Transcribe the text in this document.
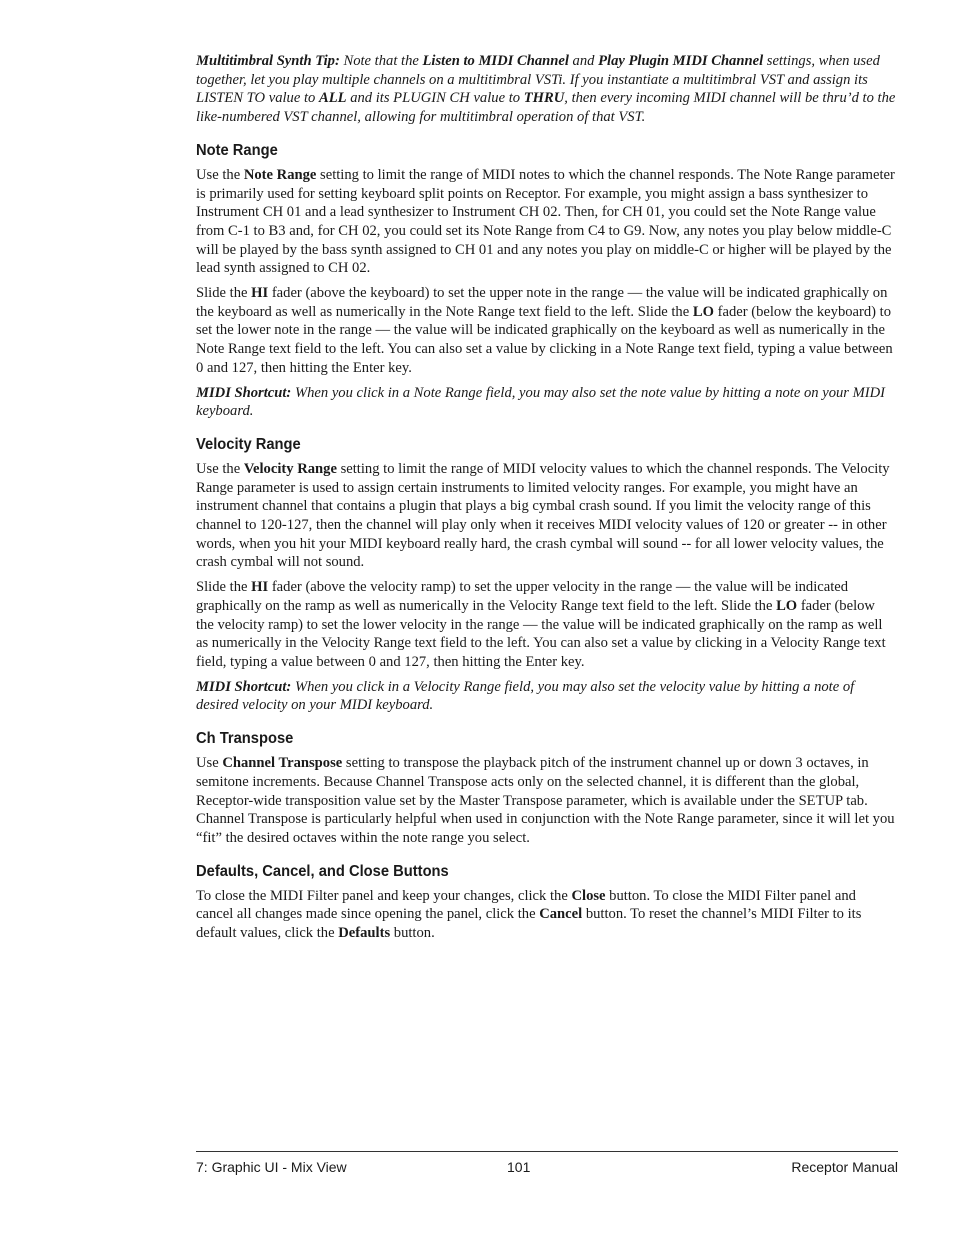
Multitimbral Synth Tip: Note that the Listen to MIDI Channel and Play Plugin MIDI Channel settings, when used together, let you play multiple channels on a multitimbral VSTi. If you instantiate a multitimbral VST and assign its LISTEN TO value to ALL and its PLUGIN CH value to THRU, then every incoming MIDI channel will be thru’d to the like-numbered VST channel, allowing for multitimbral operation of that VST.

Note Range

Use the Note Range setting to limit the range of MIDI notes to which the channel responds. The Note Range parameter is primarily used for setting keyboard split points on Receptor. For example, you might assign a bass synthesizer to Instrument CH 01 and a lead synthesizer to Instrument CH 02. Then, for CH 01, you could set the Note Range value from C-1 to B3 and, for CH 02, you could set its Note Range from C4 to G9. Now, any notes you play below middle-C will be played by the bass synth assigned to CH 01 and any notes you play on middle-C or higher will be played by the lead synth assigned to CH 02.

Slide the HI fader (above the keyboard) to set the upper note in the range — the value will be indicated graphically on the keyboard as well as numerically in the Note Range text field to the left. Slide the LO fader (below the keyboard) to set the lower note in the range — the value will be indicated graphically on the keyboard as well as numerically in the Note Range text field to the left. You can also set a value by clicking in a Note Range text field, typing a value between 0 and 127, then hitting the Enter key.

MIDI Shortcut: When you click in a Note Range field, you may also set the note value by hitting a note on your MIDI keyboard.

Velocity Range

Use the Velocity Range setting to limit the range of MIDI velocity values to which the channel responds. The Velocity Range parameter is used to assign certain instruments to limited velocity ranges. For example, you might have an instrument channel that contains a plugin that plays a big cymbal crash sound. If you limit the velocity range of this channel to 120-127, then the channel will play only when it receives MIDI velocity values of 120 or greater -- in other words, when you hit your MIDI keyboard really hard, the crash cymbal will sound -- for all lower velocity values, the crash cymbal will not sound.

Slide the HI fader (above the velocity ramp) to set the upper velocity in the range — the value will be indicated graphically on the ramp as well as numerically in the Velocity Range text field to the left. Slide the LO fader (below the velocity ramp) to set the lower velocity in the range — the value will be indicated graphically on the ramp as well as numerically in the Velocity Range text field to the left. You can also set a value by clicking in a Velocity Range text field, typing a value between 0 and 127, then hitting the Enter key.

MIDI Shortcut: When you click in a Velocity Range field, you may also set the velocity value by hitting a note of desired velocity on your MIDI keyboard.

Ch Transpose

Use Channel Transpose setting to transpose the playback pitch of the instrument channel up or down 3 octaves, in semitone increments. Because Channel Transpose acts only on the selected channel, it is different than the global, Receptor-wide transposition value set by the Master Transpose parameter, which is available under the SETUP tab. Channel Transpose is particularly helpful when used in conjunction with the Note Range parameter, since it will let you “fit” the desired octaves within the note range you select.

Defaults, Cancel, and Close Buttons

To close the MIDI Filter panel and keep your changes, click the Close button. To close the MIDI Filter panel and cancel all changes made since opening the panel, click the Cancel button. To reset the channel’s MIDI Filter to its default values, click the Defaults button.

7: Graphic UI - Mix View	101	Receptor Manual
